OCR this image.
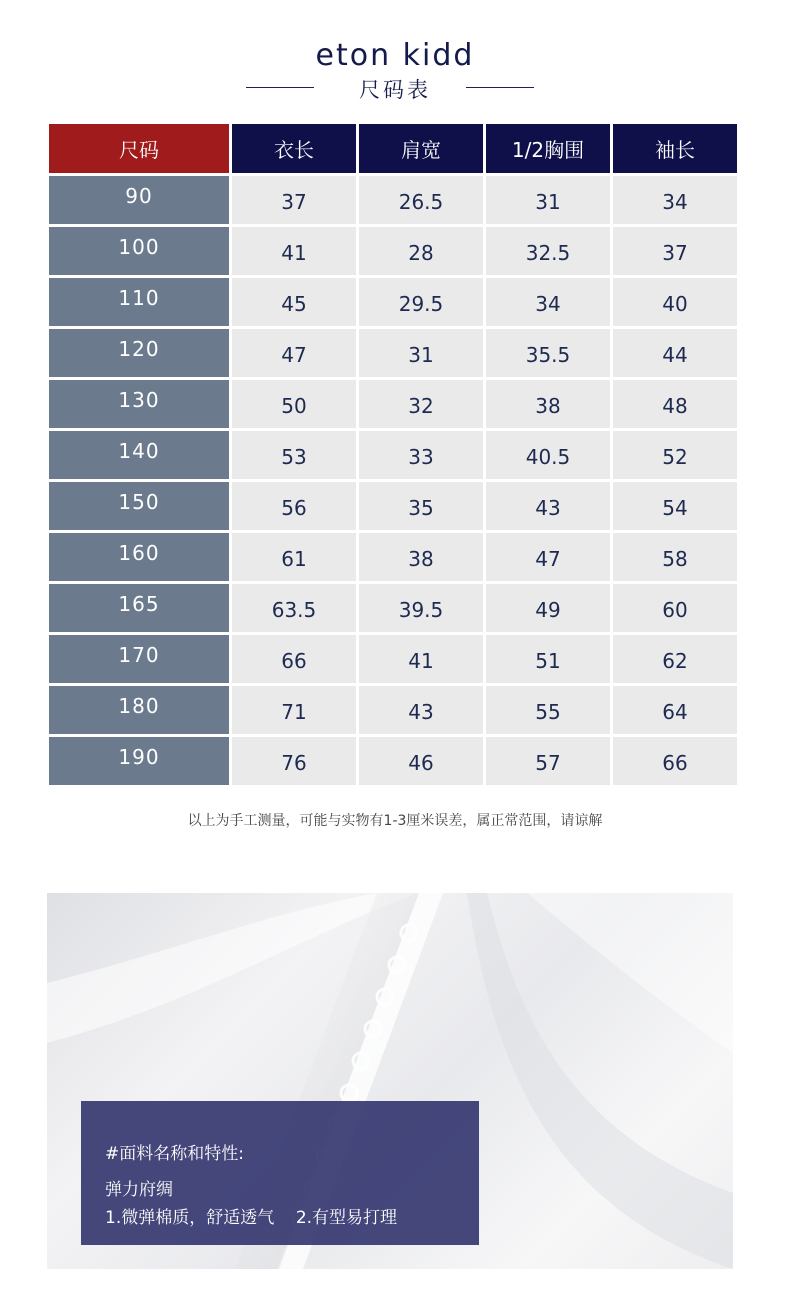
eton kidd
尺码表
尺码	衣长	肩宽	1/2胸围	袖长
90	37	26.5	31	34
100	41	28	32.5	37
110	45	29.5	34	40
120	47	31	35.5	44
130	50	32	38	48
140	53	33	40.5	52
150	56	35	43	54
160	61	38	47	58
165	63.5	39.5	49	60
170	66	41	51	62
180	71	43	55	64
190	76	46	57	66
以上为手工测量，可能与实物有1-3厘米误差，属正常范围，请谅解
#面料名称和特性:
弹力府绸
1.微弹棉质，舒适透气    2.有型易打理
